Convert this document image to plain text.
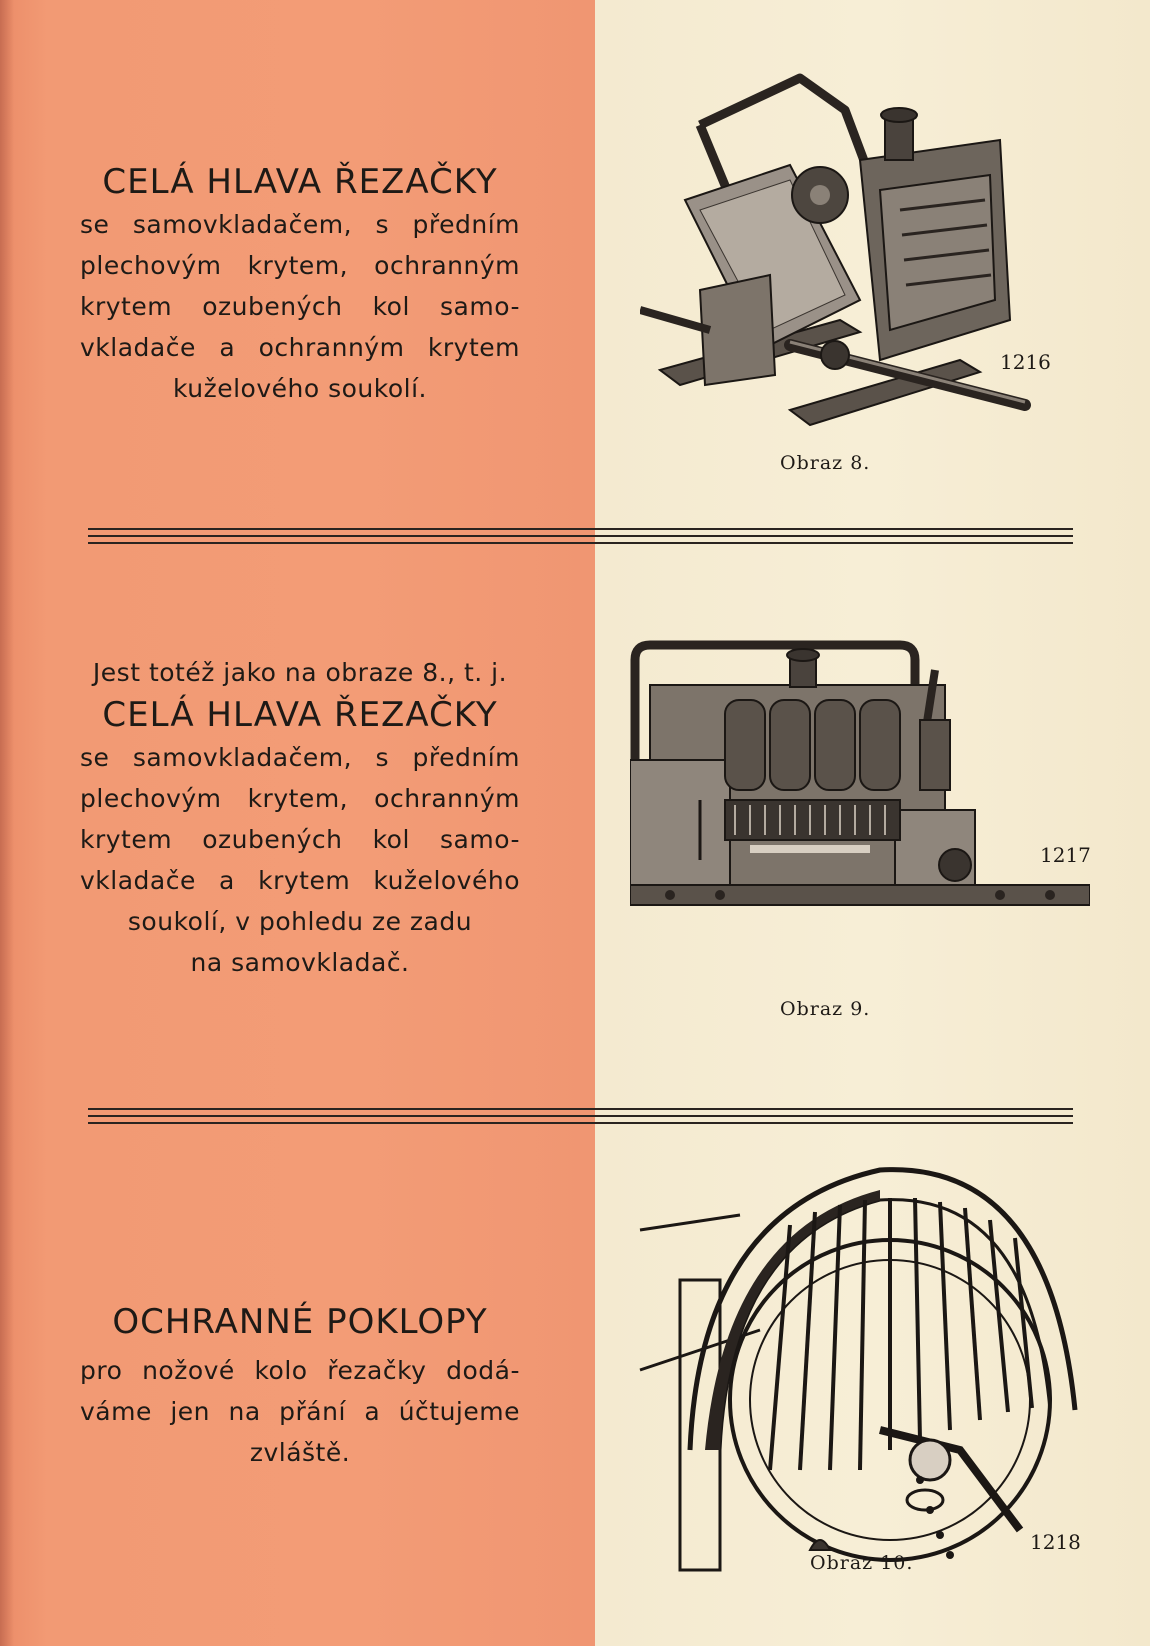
CELÁ HLAVA ŘEZAČKY

se samovkladačem, s předním

plechovým krytem, ochranným

krytem ozubených kol samo-

vkladače a ochranným krytem

kuželového soukolí.

1216
Obraz 8.

Jest totéž jako na obraze 8., t. j.

CELÁ HLAVA ŘEZAČKY

se samovkladačem, s předním

plechovým krytem, ochranným

krytem ozubených kol samo-

vkladače a krytem kuželového

soukolí, v pohledu ze zadu

na samovkladač.

1217
Obraz 9.
OCHRANNÉ POKLOPY

pro nožové kolo řezačky dodá-

váme jen na přání a účtujeme

zvláště.

1218
Obraz 10.
